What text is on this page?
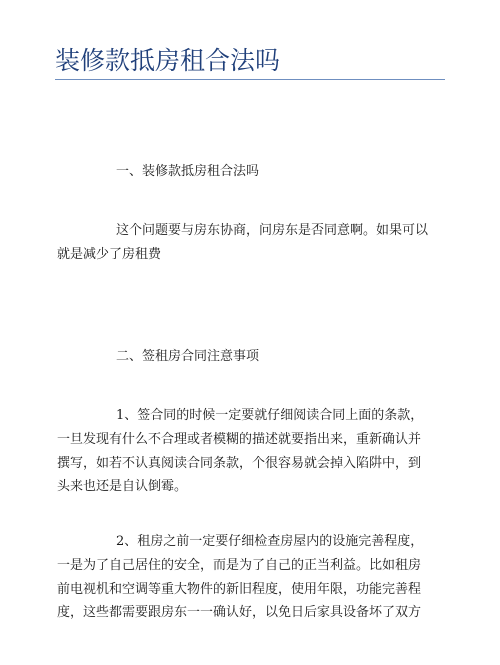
装修款抵房租合法吗

一、装修款抵房租合法吗

这个问题要与房东协商，问房东是否同意啊。如果可以
就是减少了房租费

二、签租房合同注意事项

1、签合同的时候一定要就仔细阅读合同上面的条款，
一旦发现有什么不合理或者模糊的描述就要指出来，重新确认并
撰写，如若不认真阅读合同条款，个很容易就会掉入陷阱中，到
头来也还是自认倒霉。

2、租房之前一定要仔细检查房屋内的设施完善程度，
一是为了自己居住的安全，而是为了自己的正当利益。比如租房
前电视机和空调等重大物件的新旧程度，使用年限，功能完善程
度，这些都需要跟房东一一确认好，以免日后家具设备坏了双方
